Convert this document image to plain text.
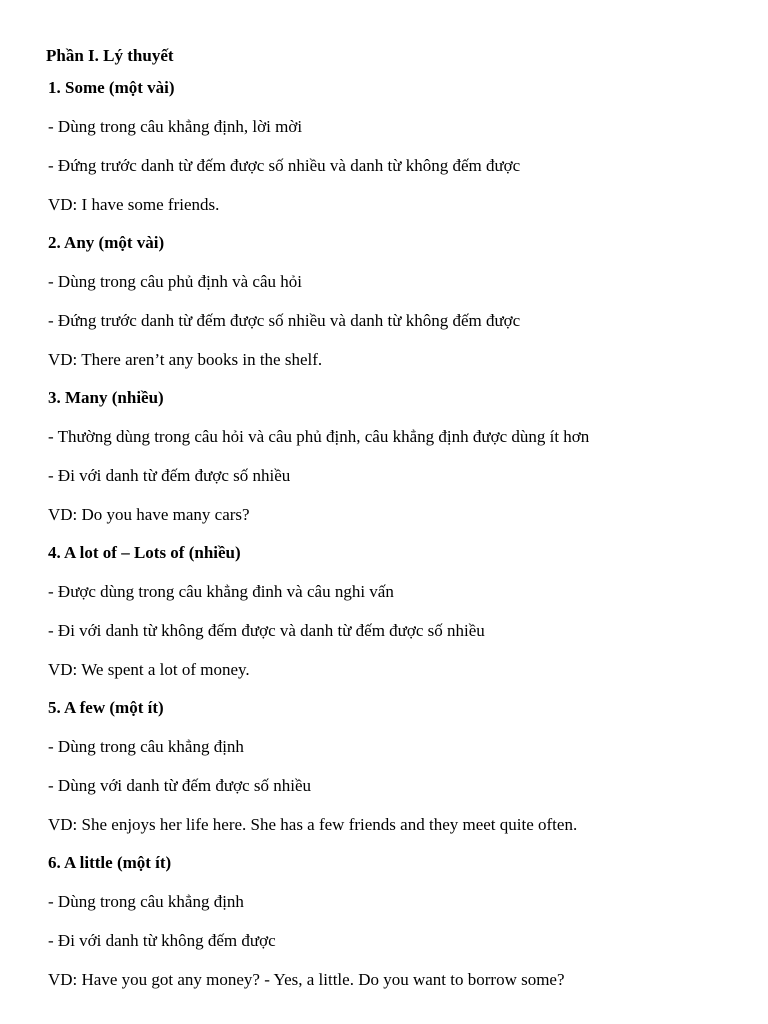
Phần I. Lý thuyết
1. Some (một vài)
- Dùng trong câu khẳng định, lời mời
- Đứng trước danh từ đếm được số nhiều và danh từ không đếm được
VD: I have some friends.
2. Any (một vài)
- Dùng trong câu phủ định và câu hỏi
- Đứng trước danh từ đếm được số nhiều và danh từ không đếm được
VD: There aren’t any books in the shelf.
3. Many (nhiều)
- Thường dùng trong câu hỏi và câu phủ định, câu khẳng định được dùng ít hơn
- Đi với danh từ đếm được số nhiều
VD: Do you have many cars?
4. A lot of – Lots of (nhiều)
- Được dùng trong câu khẳng đinh và câu nghi vấn
- Đi với danh từ không đếm được và danh từ đếm được số nhiều
VD: We spent a lot of money.
5. A few (một ít)
- Dùng trong câu khẳng định
- Dùng với danh từ đếm được số nhiều
VD: She enjoys her life here. She has a few friends and they meet quite often.
6. A little (một ít)
- Dùng trong câu khẳng định
- Đi với danh từ không đếm được
VD: Have you got any money? - Yes, a little. Do you want to borrow some?
